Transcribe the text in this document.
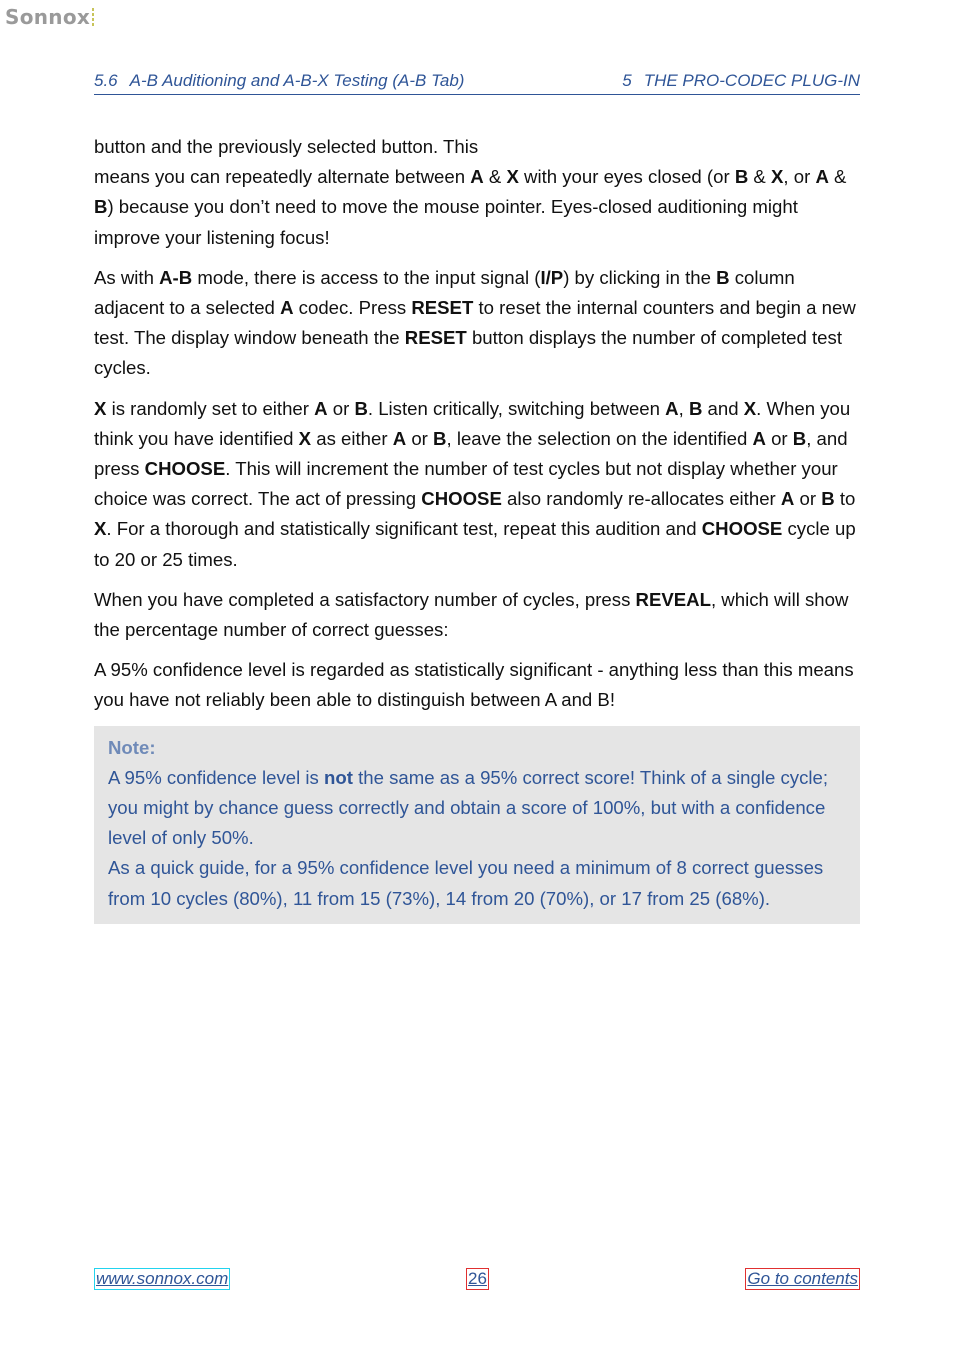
Sonnox
5.6 A-B Auditioning and A-B-X Testing (A-B Tab)	5 THE PRO-CODEC PLUG-IN

button and the previously selected button. This
means you can repeatedly alternate between A & X with your eyes closed (or B & X, or A & B) because you don’t need to move the mouse pointer. Eyes-closed auditioning might improve your listening focus!

As with A-B mode, there is access to the input signal (I/P) by clicking in the B column adjacent to a selected A codec. Press RESET to reset the internal counters and begin a new test. The display window beneath the RESET button displays the number of completed test cycles.

X is randomly set to either A or B. Listen critically, switching between A, B and X. When you think you have identified X as either A or B, leave the selection on the identified A or B, and press CHOOSE. This will increment the number of test cycles but not display whether your choice was correct. The act of pressing CHOOSE also randomly re-allocates either A or B to X. For a thorough and statistically significant test, repeat this audition and CHOOSE cycle up to 20 or 25 times.

When you have completed a satisfactory number of cycles, press REVEAL, which will show the percentage number of correct guesses:

A 95% confidence level is regarded as statistically significant - anything less than this means you have not reliably been able to distinguish between A and B!

Note:

A 95% confidence level is not the same as a 95% correct score! Think of a single cycle; you might by chance guess correctly and obtain a score of 100%, but with a confidence level of only 50%.

As a quick guide, for a 95% confidence level you need a minimum of 8 correct guesses from 10 cycles (80%), 11 from 15 (73%), 14 from 20 (70%), or 17 from 25 (68%).

www.sonnox.com	26	Go to contents
